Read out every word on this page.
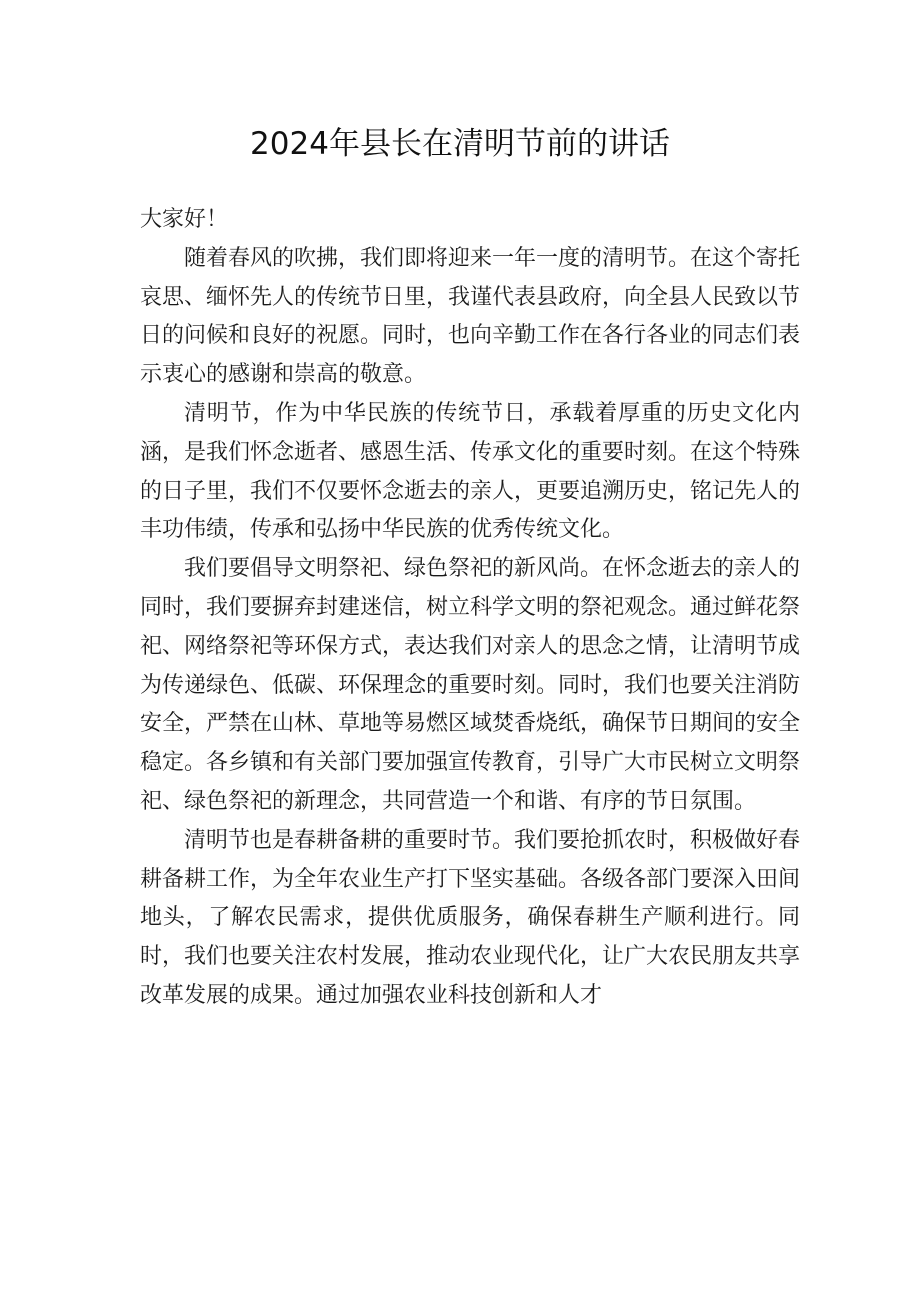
2024年县长在清明节前的讲话

大家好！

随着春风的吹拂，我们即将迎来一年一度的清明节。在这个寄托哀思、缅怀先人的传统节日里，我谨代表县政府，向全县人民致以节日的问候和良好的祝愿。同时，也向辛勤工作在各行各业的同志们表示衷心的感谢和崇高的敬意。

清明节，作为中华民族的传统节日，承载着厚重的历史文化内涵，是我们怀念逝者、感恩生活、传承文化的重要时刻。在这个特殊的日子里，我们不仅要怀念逝去的亲人，更要追溯历史，铭记先人的丰功伟绩，传承和弘扬中华民族的优秀传统文化。

我们要倡导文明祭祀、绿色祭祀的新风尚。在怀念逝去的亲人的同时，我们要摒弃封建迷信，树立科学文明的祭祀观念。通过鲜花祭祀、网络祭祀等环保方式，表达我们对亲人的思念之情，让清明节成为传递绿色、低碳、环保理念的重要时刻。同时，我们也要关注消防安全，严禁在山林、草地等易燃区域焚香烧纸，确保节日期间的安全稳定。各乡镇和有关部门要加强宣传教育，引导广大市民树立文明祭祀、绿色祭祀的新理念，共同营造一个和谐、有序的节日氛围。

清明节也是春耕备耕的重要时节。我们要抢抓农时，积极做好春耕备耕工作，为全年农业生产打下坚实基础。各级各部门要深入田间地头，了解农民需求，提供优质服务，确保春耕生产顺利进行。同时，我们也要关注农村发展，推动农业现代化，让广大农民朋友共享改革发展的成果。通过加强农业科技创新和人才
